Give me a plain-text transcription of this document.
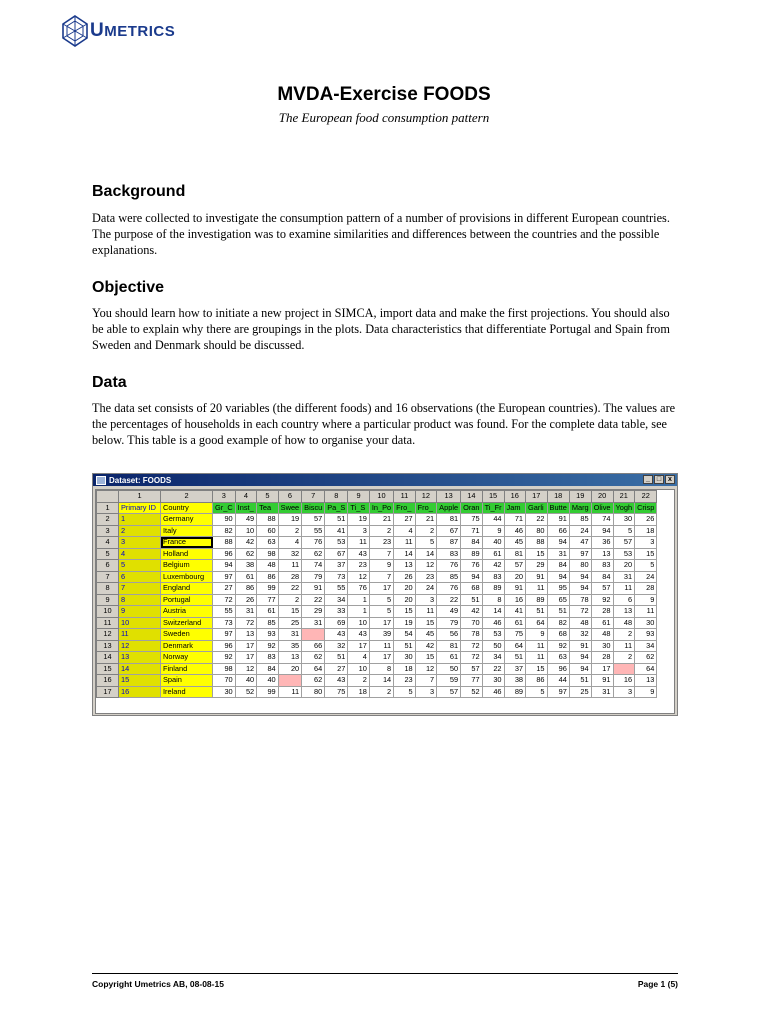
UMETRICS
MVDA-Exercise FOODS
The European food consumption pattern
Background

Data were collected to investigate the consumption pattern of a number of provisions in different European countries. The purpose of the investigation was to examine similarities and differences between the countries and the possible explanations.

Objective

You should learn how to initiate a new project in SIMCA, import data and make the first projections. You should also be able to explain why there are groupings in the plots. Data characteristics that differentiate Portugal and Spain from Sweden and Denmark should be discussed.

Data

The data set consists of 20 variables (the different foods) and 16 observations (the European countries). The values are the percentages of households in each country where a particular product was found. For the complete data table, see below. This table is a good example of how to organise your data.

Dataset: FOODS	_ □ x
	1	2	3	4	5	6	7	8	9	10	11	12	13	14	15	16	17	18	19	20	21	22
1	Primary ID	Country	Gr_C	Inst_	Tea	Swee	Biscu	Pa_S	Ti_S	In_Po	Fro_	Fro_	Apple	Oran	Ti_Fr	Jam	Garli	Butte	Marg	Olive	Yogh	Crisp
2	1	Germany	90	49	88	19	57	51	19	21	27	21	81	75	44	71	22	91	85	74	30	26
3	2	Italy	82	10	60	2	55	41	3	2	4	2	67	71	9	46	80	66	24	94	5	18
4	3	France	88	42	63	4	76	53	11	23	11	5	87	84	40	45	88	94	47	36	57	3
5	4	Holland	96	62	98	32	62	67	43	7	14	14	83	89	61	81	15	31	97	13	53	15
6	5	Belgium	94	38	48	11	74	37	23	9	13	12	76	76	42	57	29	84	80	83	20	5
7	6	Luxembourg	97	61	86	28	79	73	12	7	26	23	85	94	83	20	91	94	94	84	31	24
8	7	England	27	86	99	22	91	55	76	17	20	24	76	68	89	91	11	95	94	57	11	28
9	8	Portugal	72	26	77	2	22	34	1	5	20	3	22	51	8	16	89	65	78	92	6	9
10	9	Austria	55	31	61	15	29	33	1	5	15	11	49	42	14	41	51	51	72	28	13	11
11	10	Switzerland	73	72	85	25	31	69	10	17	19	15	79	70	46	61	64	82	48	61	48	30
12	11	Sweden	97	13	93	31		43	43	39	54	45	56	78	53	75	9	68	32	48	2	93
13	12	Denmark	96	17	92	35	66	32	17	11	51	42	81	72	50	64	11	92	91	30	11	34
14	13	Norway	92	17	83	13	62	51	4	17	30	15	61	72	34	51	11	63	94	28	2	62
15	14	Finland	98	12	84	20	64	27	10	8	18	12	50	57	22	37	15	96	94	17		64
16	15	Spain	70	40	40		62	43	2	14	23	7	59	77	30	38	86	44	51	91	16	13
17	16	Ireland	30	52	99	11	80	75	18	2	5	3	57	52	46	89	5	97	25	31	3	9
Copyright Umetrics AB, 08-08-15	Page 1 (5)
